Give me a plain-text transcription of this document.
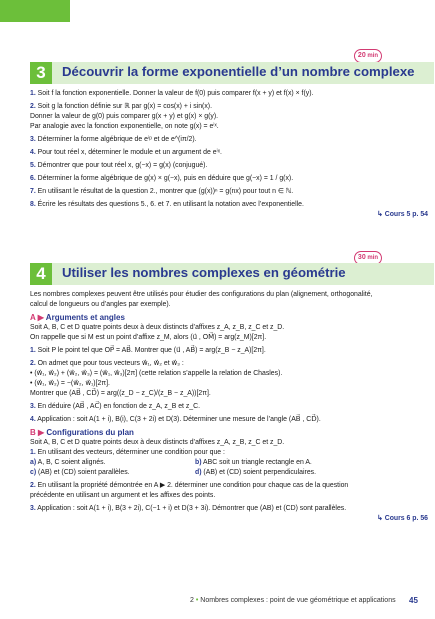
20 min
3	Découvrir la forme exponentielle d’un nombre complexe

1. Soit f la fonction exponentielle. Donner la valeur de f(0) puis comparer f(x + y) et f(x) × f(y).

2. Soit g la fonction définie sur ℝ par g(x) = cos(x) + i sin(x).

Donner la valeur de g(0) puis comparer g(x + y) et g(x) × g(y).

Par analogie avec la fonction exponentielle, on note g(x) = eⁱˣ.

3. Déterminer la forme algébrique de eⁱᵖ et de e^(iπ/2).

4. Pour tout réel x, déterminer le module et un argument de eⁱˣ.

5. Démontrer que pour tout réel x, g(−x) = g(x) (conjugué).

6. Déterminer la forme algébrique de g(x) × g(−x), puis en déduire que g(−x) = 1 / g(x).

7. En utilisant le résultat de la question 2., montrer que (g(x))ⁿ = g(nx) pour tout n ∈ ℕ.

8. Écrire les résultats des questions 5., 6. et 7. en utilisant la notation avec l’exponentielle.

↳ Cours 5 p. 54
30 min
4	Utiliser les nombres complexes en géométrie

Les nombres complexes peuvent être utilisés pour étudier des configurations du plan (alignement, orthogonalité,

calcul de longueurs ou d’angles par exemple).

A ▶ Arguments et angles

Soit A, B, C et D quatre points deux à deux distincts d’affixes z_A, z_B, z_C et z_D.

On rappelle que si M est un point d’affixe z_M, alors (u⃗ , OM⃗) = arg(z_M)[2π].

1. Soit P le point tel que OP⃗ = AB⃗. Montrer que (u⃗ , AB⃗) = arg(z_B − z_A)[2π].

2. On admet que pour tous vecteurs w⃗₁, w⃗₂ et w⃗₃ :

• (w⃗₁, w⃗₂) + (w⃗₂, w⃗₃) = (w⃗₁, w⃗₃)[2π] (cette relation s’appelle la relation de Chasles).

• (w⃗₁, w⃗₂) = −(w⃗₂, w⃗₁)[2π].

Montrer que (AB⃗ , CD⃗) = arg((z_D − z_C)/(z_B − z_A))[2π].

3. En déduire (AB⃗ , AC⃗) en fonction de z_A, z_B et z_C.

4. Application : soit A(1 + i), B(i), C(3 + 2i) et D(3). Déterminer une mesure de l’angle (AB⃗ , CD⃗).

B ▶ Configurations du plan

Soit A, B, C et D quatre points deux à deux distincts d’affixes z_A, z_B, z_C et z_D.

1. En utilisant des vecteurs, déterminer une condition pour que :

a) A, B, C soient alignés.	b) ABC soit un triangle rectangle en A.
c) (AB) et (CD) soient parallèles.	d) (AB) et (CD) soient perpendiculaires.

2. En utilisant la propriété démontrée en A ▶ 2. déterminer une condition pour chaque cas de la question

précédente en utilisant un argument et les affixes des points.

3. Application : soit A(1 + i), B(3 + 2i), C(−1 + i) et D(3 + 3i). Démontrer que (AB) et (CD) sont parallèles.

↳ Cours 6 p. 56
2 • Nombres complexes : point de vue géométrique et applications 45
